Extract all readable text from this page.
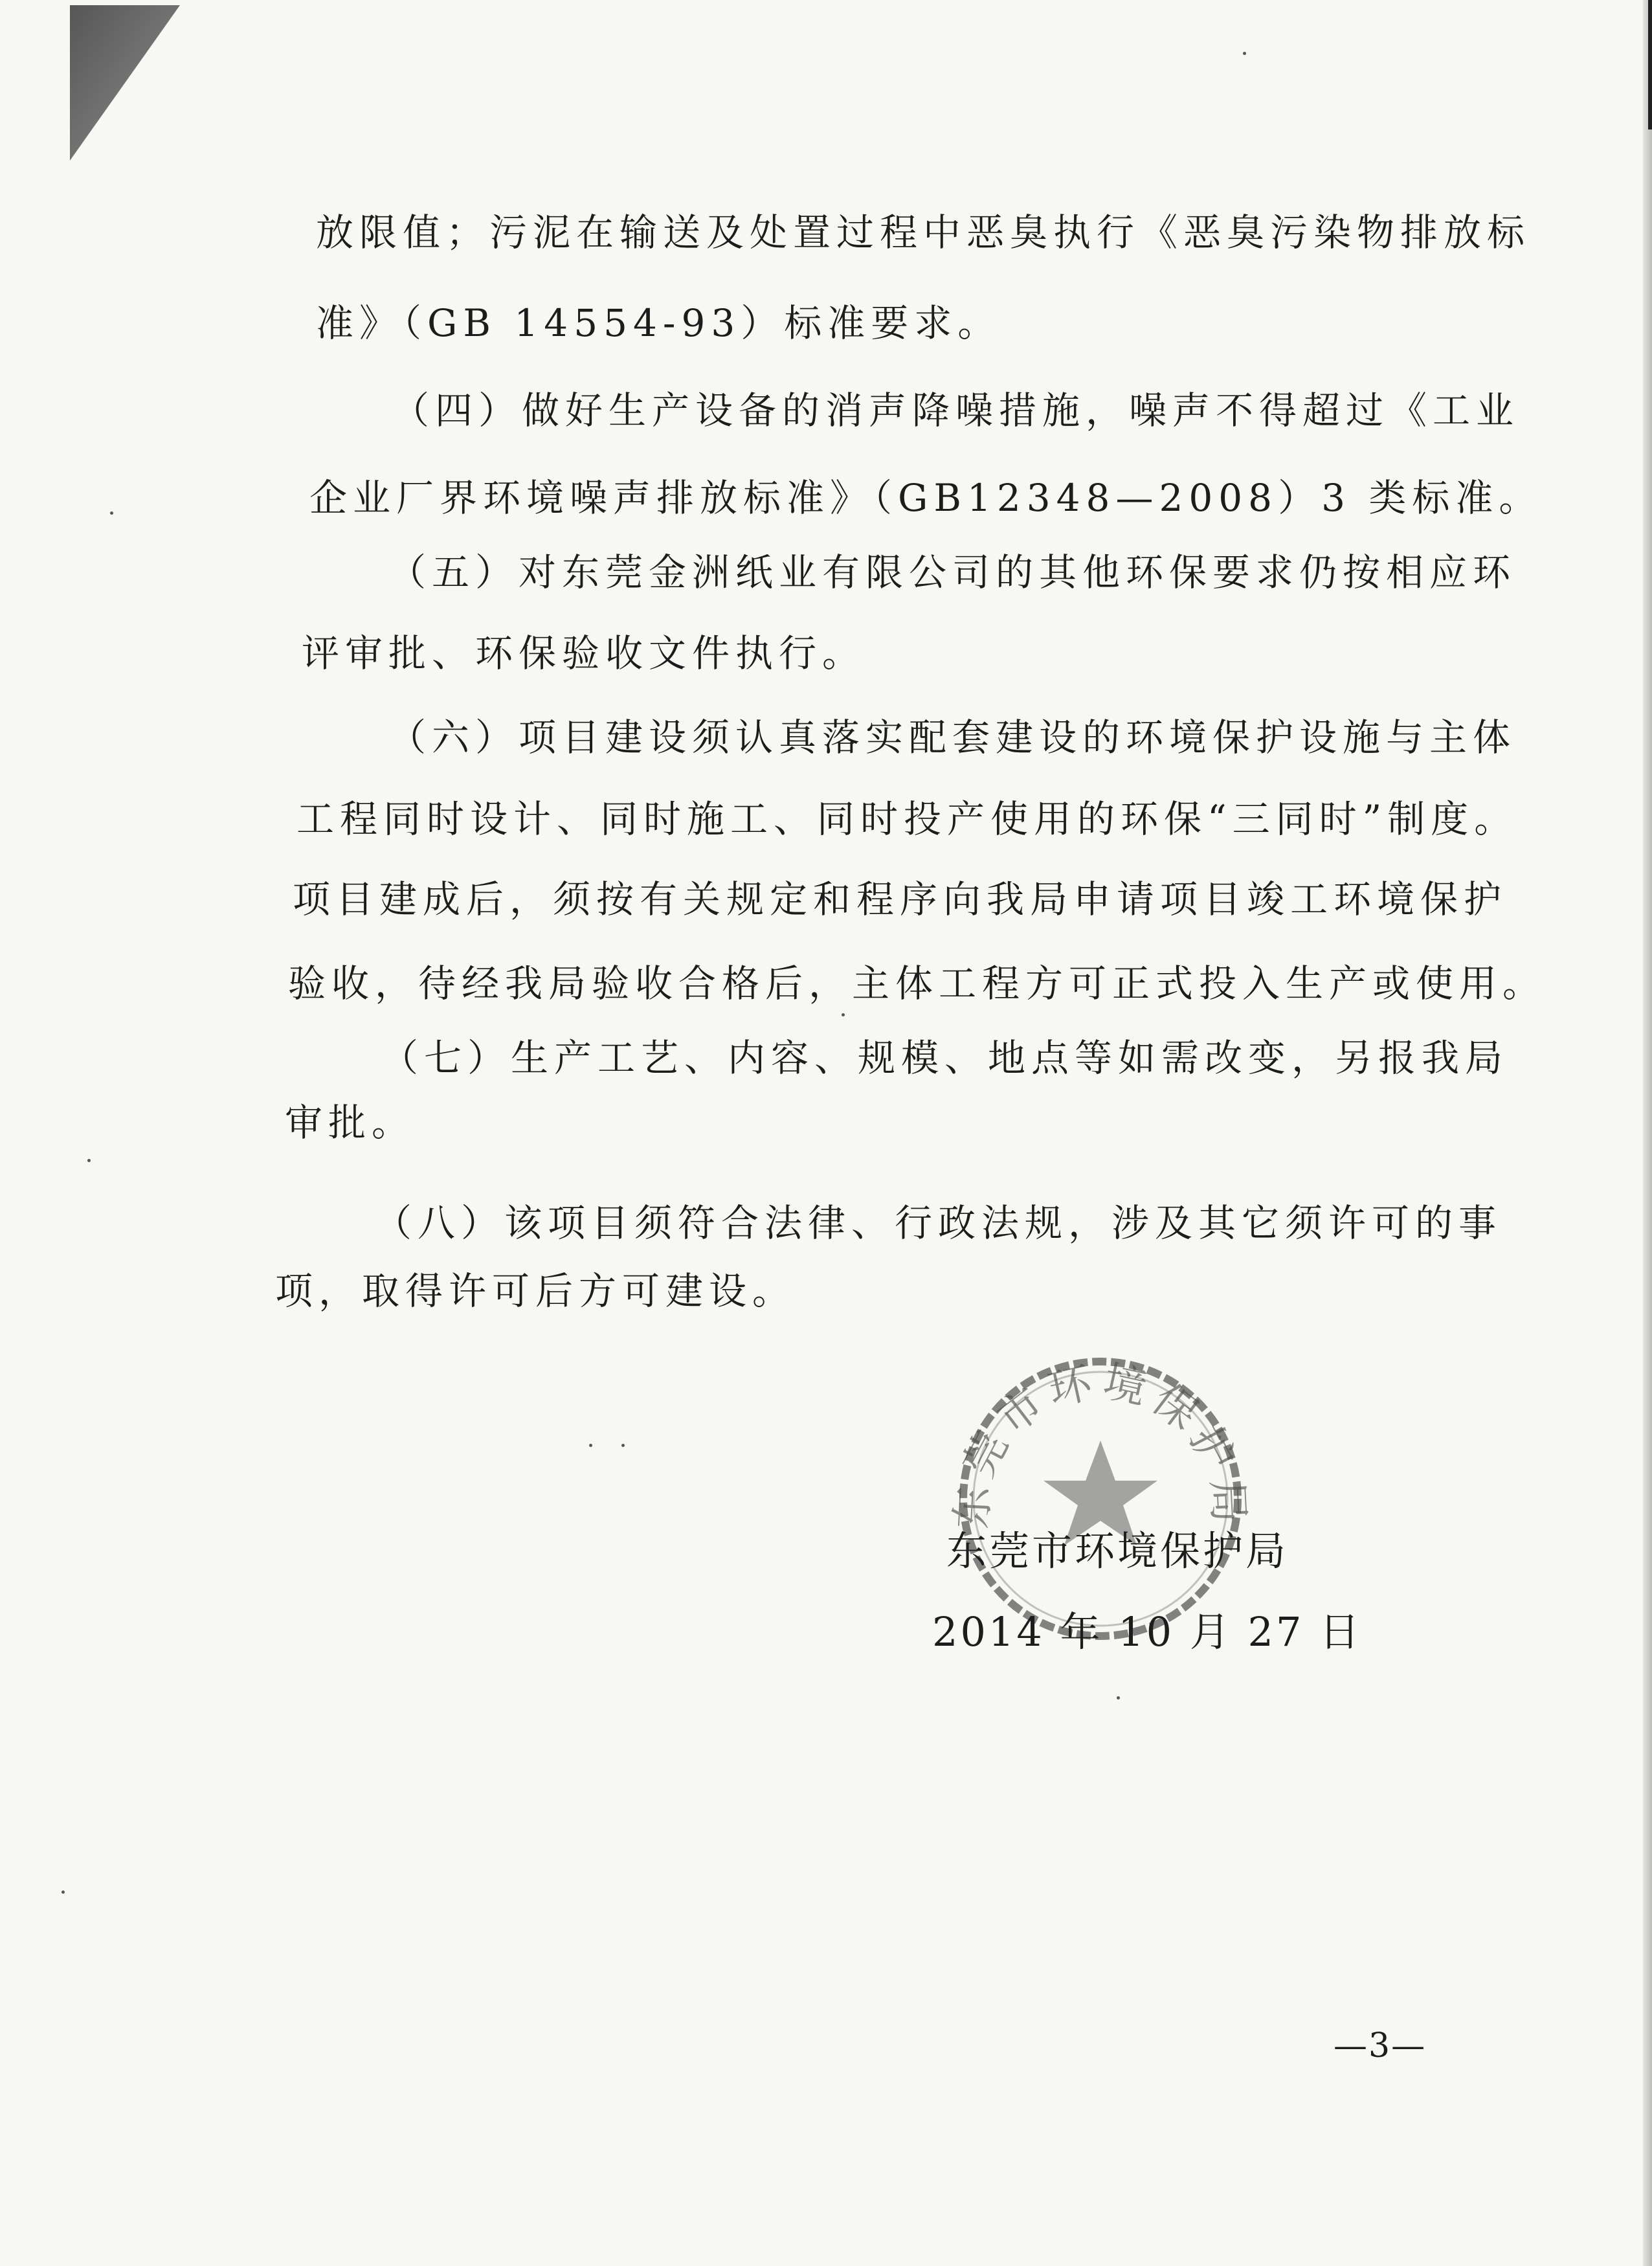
放限值；污泥在输送及处置过程中恶臭执行《恶臭污染物排放标
准》（GB 14554-93）标准要求。
（四）做好生产设备的消声降噪措施，噪声不得超过《工业
企业厂界环境噪声排放标准》（GB12348—2008）3 类标准。
（五）对东莞金洲纸业有限公司的其他环保要求仍按相应环
评审批、环保验收文件执行。
（六）项目建设须认真落实配套建设的环境保护设施与主体
工程同时设计、同时施工、同时投产使用的环保“三同时”制度。
项目建成后，须按有关规定和程序向我局申请项目竣工环境保护
验收，待经我局验收合格后，主体工程方可正式投入生产或使用。
（七）生产工艺、内容、规模、地点等如需改变，另报我局
审批。
（八）该项目须符合法律、行政法规，涉及其它须许可的事
项，取得许可后方可建设。
东莞市环境保护局
东莞市环境保护局
2014 年 10 月 27 日
—3—
